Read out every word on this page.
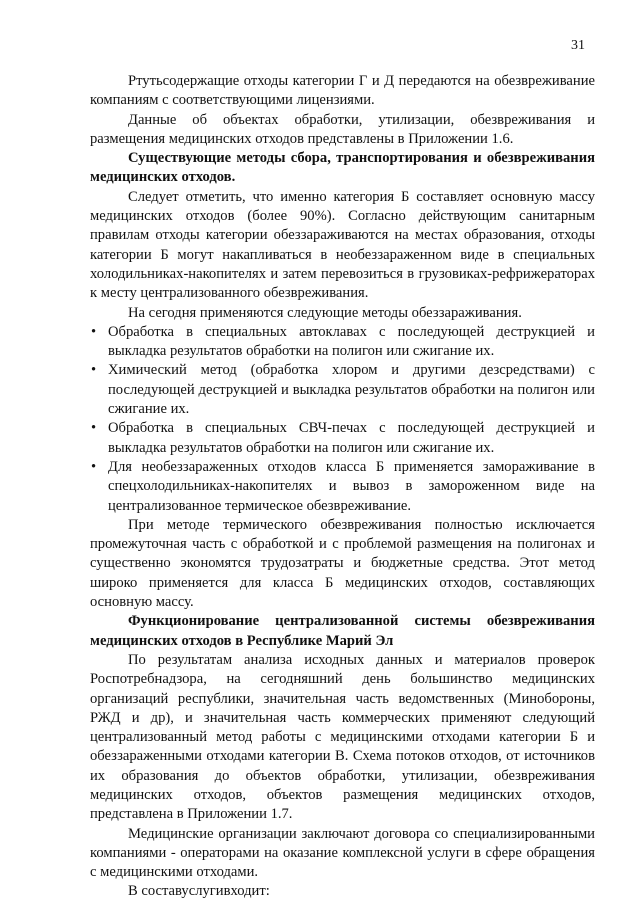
31

Ртутьсодержащие отходы категории Г и Д передаются на обезвреживание компаниям с соответствующими лицензиями.

Данные об объектах обработки, утилизации, обезвреживания и размещения медицинских отходов представлены в Приложении 1.6.

Существующие методы сбора, транспортирования и обезвреживания медицинских отходов.

Следует отметить, что именно категория Б составляет основную массу медицинских отходов (более 90%). Согласно действующим санитарным правилам отходы категории обеззараживаются на местах образования, отходы категории Б могут накапливаться в необеззараженном виде в специальных холодильниках-накопителях и затем перевозиться в грузовиках-рефрижераторах к месту централизованного обезвреживания.

На сегодня применяются следующие методы обеззараживания.

• Обработка в специальных автоклавах с последующей деструкцией и выкладка результатов обработки на полигон или сжигание их.
• Химический метод (обработка хлором и другими дезсредствами) с последующей деструкцией и выкладка результатов обработки на полигон или сжигание их.
• Обработка в специальных СВЧ-печах с последующей деструкцией и выкладка результатов обработки на полигон или сжигание их.
• Для необеззараженных отходов класса Б применяется замораживание в спецхолодильниках-накопителях и вывоз в замороженном виде на централизованное термическое обезвреживание.

При методе термического обезвреживания полностью исключается промежуточная часть с обработкой и с проблемой размещения на полигонах и существенно экономятся трудозатраты и бюджетные средства. Этот метод широко применяется для класса Б медицинских отходов, составляющих основную массу.

Функционирование централизованной системы обезвреживания медицинских отходов в Республике Марий Эл

По результатам анализа исходных данных и материалов проверок Роспотребнадзора, на сегодняшний день большинство медицинских организаций республики, значительная часть ведомственных (Минобороны, РЖД и др), и значительная часть коммерческих применяют следующий централизованный метод работы с медицинскими отходами категории Б и обеззараженными отходами категории В. Схема потоков отходов, от источников их образования до объектов обработки, утилизации, обезвреживания медицинских отходов, объектов размещения медицинских отходов, представлена в Приложении 1.7.

Медицинские организации заключают договора со специализированными компаниями - операторами на оказание комплексной услуги в сфере обращения с медицинскими отходами.

В составуслугивходит:
